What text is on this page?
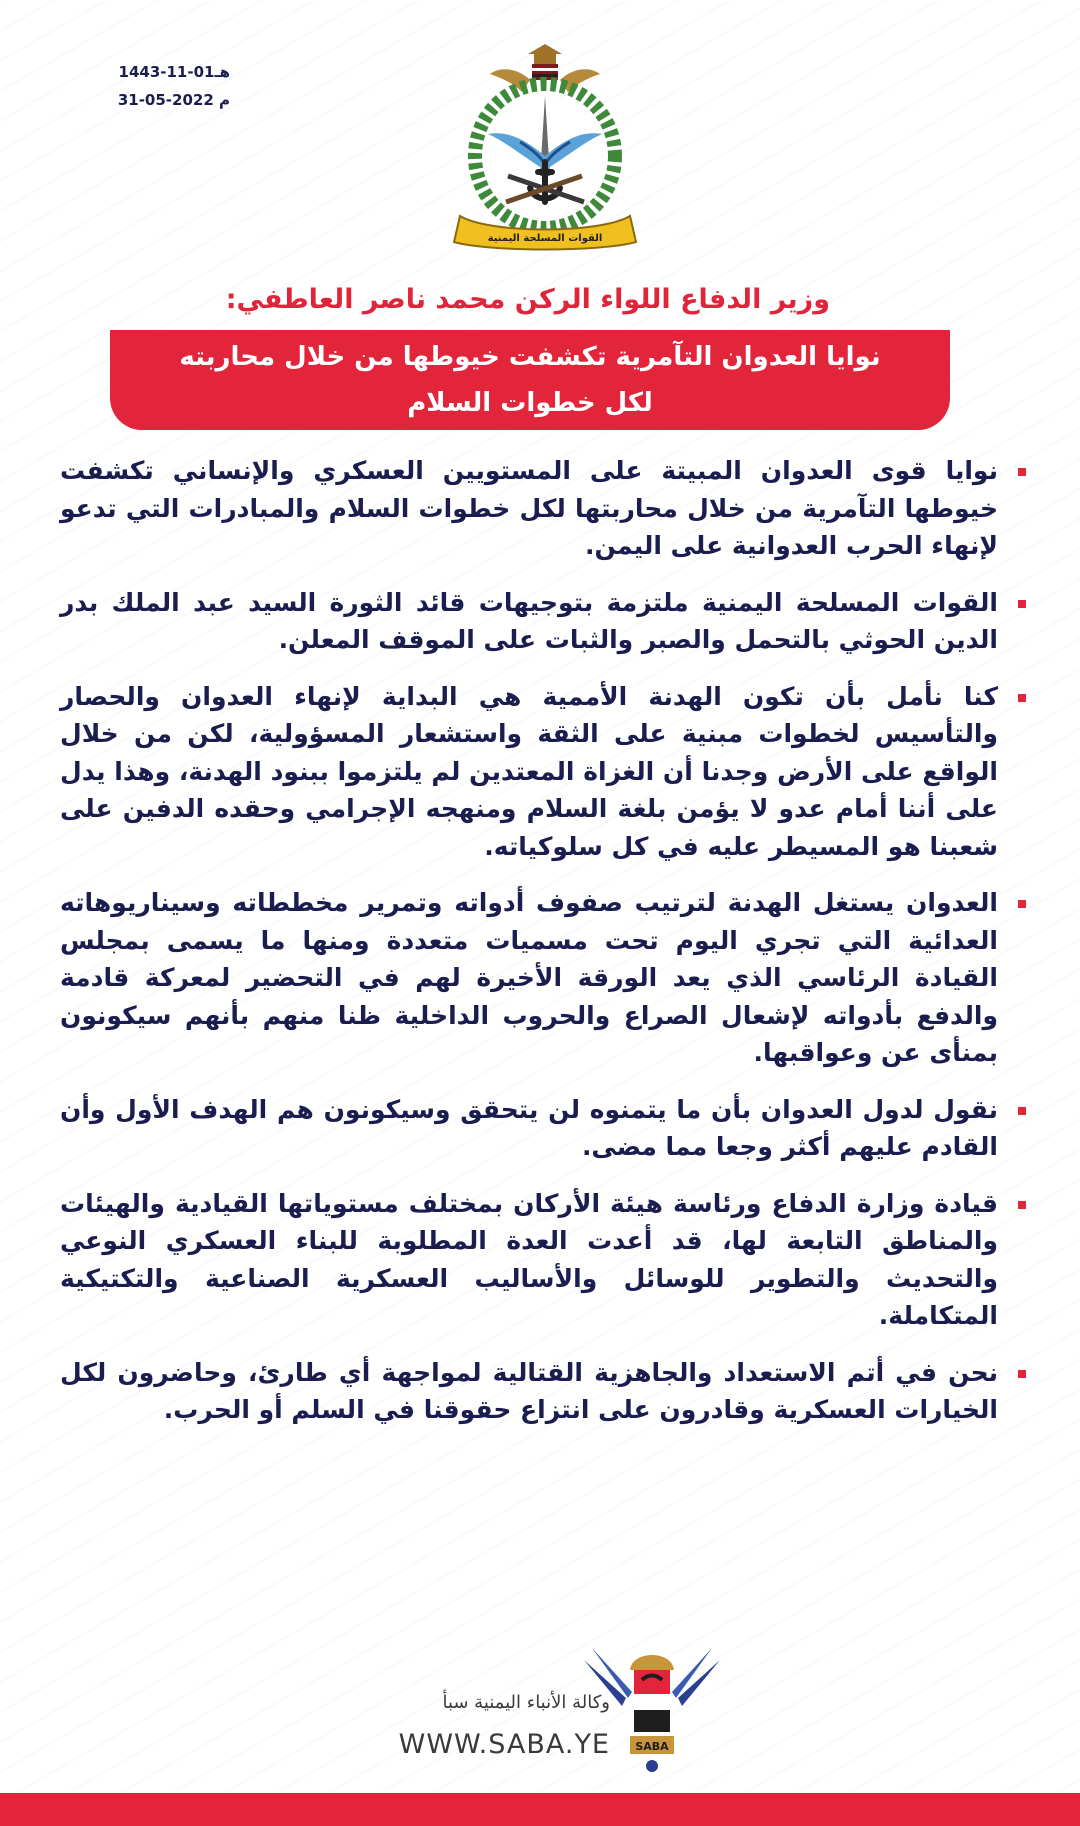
1443-11-01هـ
31-05-2022 م
القوات المسلحة اليمنية
وزير الدفاع اللواء الركن محمد ناصر العاطفي:
نوايا العدوان التآمرية تكشفت خيوطها من خلال محاربته
لكل خطوات السلام
نوايا قوى العدوان المبيتة على المستويين العسكري والإنساني تكشفت خيوطها التآمرية من خلال محاربتها لكل خطوات السلام والمبادرات التي تدعو لإنهاء الحرب العدوانية على اليمن.
القوات المسلحة اليمنية ملتزمة بتوجيهات قائد الثورة السيد عبد الملك بدر الدين الحوثي بالتحمل والصبر والثبات على الموقف المعلن.
كنا نأمل بأن تكون الهدنة الأممية هي البداية لإنهاء العدوان والحصار والتأسيس لخطوات مبنية على الثقة واستشعار المسؤولية، لكن من خلال الواقع على الأرض وجدنا أن الغزاة المعتدين لم يلتزموا ببنود الهدنة، وهذا يدل على أننا أمام عدو لا يؤمن بلغة السلام ومنهجه الإجرامي وحقده الدفين على شعبنا هو المسيطر عليه في كل سلوكياته.
العدوان يستغل الهدنة لترتيب صفوف أدواته وتمرير مخططاته وسيناريوهاته العدائية التي تجري اليوم تحت مسميات متعددة ومنها ما يسمى بمجلس القيادة الرئاسي الذي يعد الورقة الأخيرة لهم في التحضير لمعركة قادمة والدفع بأدواته لإشعال الصراع والحروب الداخلية ظنا منهم بأنهم سيكونون بمنأى عن وعواقبها.
نقول لدول العدوان بأن ما يتمنوه لن يتحقق وسيكونون هم الهدف الأول وأن القادم عليهم أكثر وجعا مما مضى.
قيادة وزارة الدفاع ورئاسة هيئة الأركان بمختلف مستوياتها القيادية والهيئات والمناطق التابعة لها، قد أعدت العدة المطلوبة للبناء العسكري النوعي والتحديث والتطوير للوسائل والأساليب العسكرية الصناعية والتكتيكية المتكاملة.
نحن في أتم الاستعداد والجاهزية القتالية لمواجهة أي طارئ، وحاضرون لكل الخيارات العسكرية وقادرون على انتزاع حقوقنا في السلم أو الحرب.
وكالة الأنباء اليمنية سبأ
WWW.SABA.YE SABA
